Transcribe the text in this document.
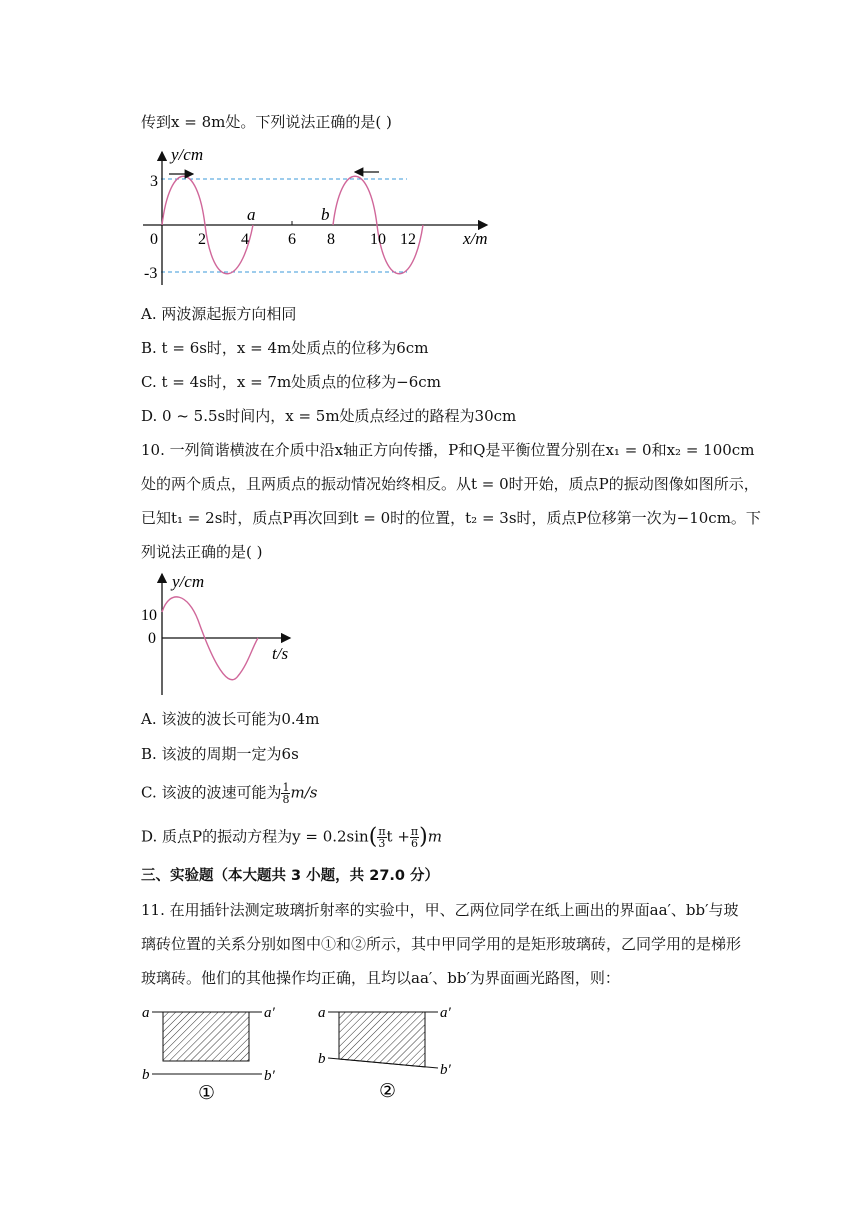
传到x = 8m处。下列说法正确的是( )
y/cm
x/m
3
-3
0	2 4 6 8 10 12
a	b
A. 两波源起振方向相同
B. t = 6s时，x = 4m处质点的位移为6cm
C. t = 4s时，x = 7m处质点的位移为−6cm
D. 0 ~ 5.5s时间内，x = 5m处质点经过的路程为30cm
10. 一列简谐横波在介质中沿x轴正方向传播，P和Q是平衡位置分别在x₁ = 0和x₂ = 100cm
处的两个质点，且两质点的振动情况始终相反。从t = 0时开始，质点P的振动图像如图所示，
已知t₁ = 2s时，质点P再次回到t = 0时的位置，t₂ = 3s时，质点P位移第一次为−10cm。下
列说法正确的是( )
y/cm
t/s
10
0
A. 该波的波长可能为0.4m
B. 该波的周期一定为6s
C. 该波的波速可能为 $\frac{1}{8} m/s$
D. 质点P的振动方程为$y = 0.2\sin( \frac{\pi}{3}$ $t + \frac{\pi}{6} )m$
三、实验题（本大题共 3 小题，共 27.0 分）
11. 在用插针法测定玻璃折射率的实验中，甲、乙两位同学在纸上画出的界面aa′、bb′与玻
璃砖位置的关系分别如图中①和②所示，其中甲同学用的是矩形玻璃砖，乙同学用的是梯形
玻璃砖。他们的其他操作均正确，且均以aa′、bb′为界面画光路图，则：
a	a′
b	b′
①
a	a′
b
b′
②
